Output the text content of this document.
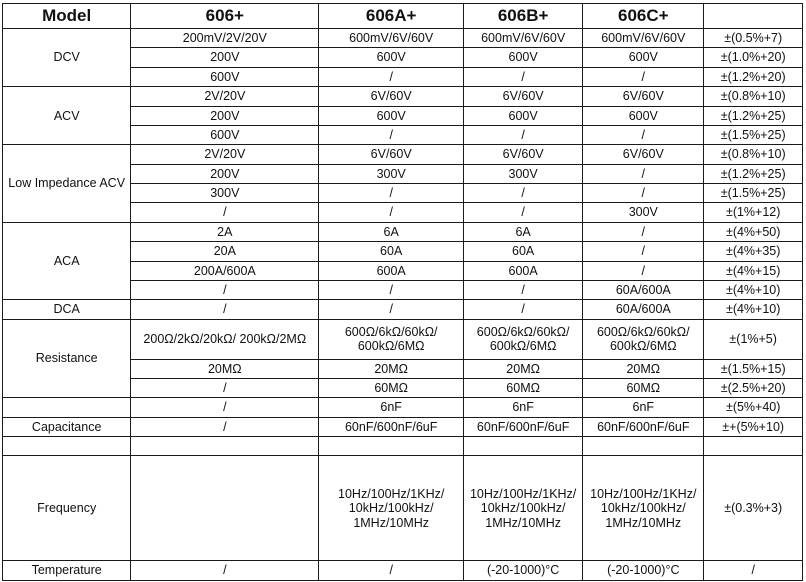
Model	606+	606A+	606B+	606C+	
DCV	200mV/2V/20V	600mV/6V/60V	600mV/6V/60V	600mV/6V/60V	±(0.5%+7)
	200V	600V	600V	600V	±(1.0%+20)
	600V	/	/	/	±(1.2%+20)
ACV	2V/20V	6V/60V	6V/60V	6V/60V	±(0.8%+10)
	200V	600V	600V	600V	±(1.2%+25)
	600V	/	/	/	±(1.5%+25)
Low Impedance ACV	2V/20V	6V/60V	6V/60V	6V/60V	±(0.8%+10)
	200V	300V	300V	/	±(1.2%+25)
	300V	/	/	/	±(1.5%+25)
	/	/	/	300V	±(1%+12)
ACA	2A	6A	6A	/	±(4%+50)
	20A	60A	60A	/	±(4%+35)
	200A/600A	600A	600A	/	±(4%+15)
	/	/	/	60A/600A	±(4%+10)
DCA	/	/	/	60A/600A	±(4%+10)
Resistance	200Ω/2kΩ/20kΩ/ 200kΩ/2MΩ	600Ω/6kΩ/60kΩ/ 600kΩ/6MΩ	600Ω/6kΩ/60kΩ/ 600kΩ/6MΩ	600Ω/6kΩ/60kΩ/ 600kΩ/6MΩ	±(1%+5)
	20MΩ	20MΩ	20MΩ	20MΩ	±(1.5%+15)
	/	60MΩ	60MΩ	60MΩ	±(2.5%+20)
	/	6nF	6nF	6nF	±(5%+40)
Capacitance	/	60nF/600nF/6uF	60nF/600nF/6uF	60nF/600nF/6uF	±+(5%+10)

Frequency		10Hz/100Hz/1KHz/ 10kHz/100kHz/ 1MHz/10MHz	10Hz/100Hz/1KHz/ 10kHz/100kHz/ 1MHz/10MHz	10Hz/100Hz/1KHz/ 10kHz/100kHz/ 1MHz/10MHz	±(0.3%+3)
Temperature	/	/	(-20-1000)°C	(-20-1000)°C	/
